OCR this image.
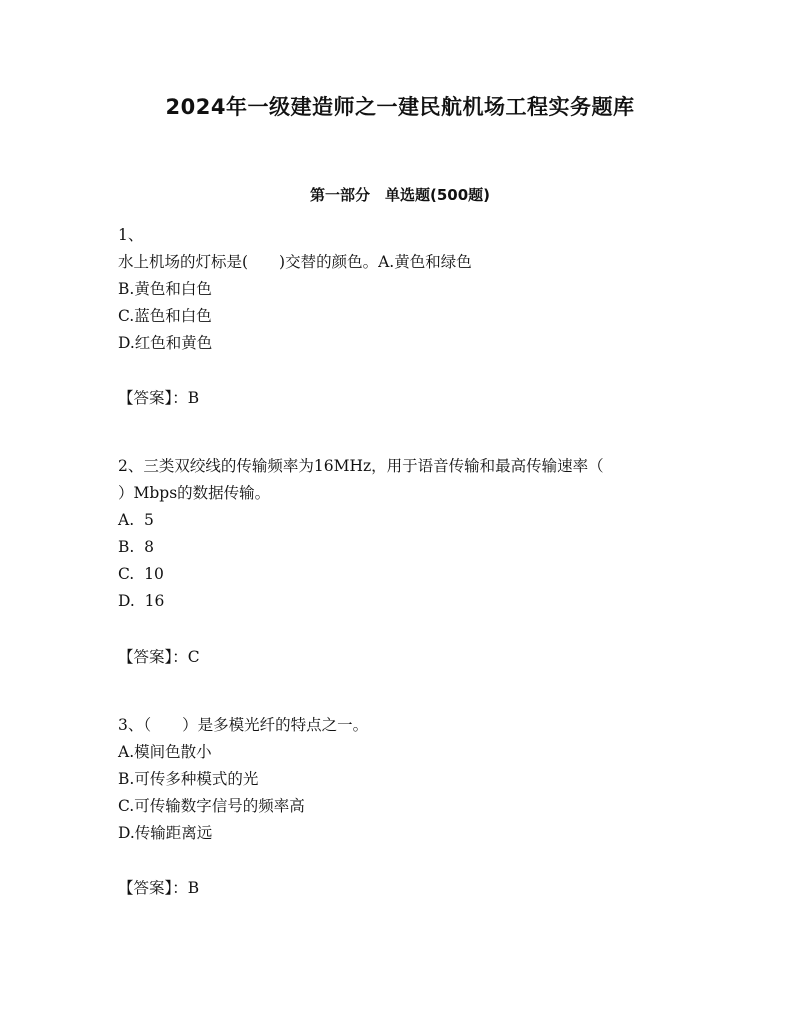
2024年一级建造师之一建民航机场工程实务题库
第一部分　单选题(500题)
1、
水上机场的灯标是(　　)交替的颜色。A.黄色和绿色
B.黄色和白色
C.蓝色和白色
D.红色和黄色
【答案】：B
2、三类双绞线的传输频率为16MHz，用于语音传输和最高传输速率（
）Mbps的数据传输。
A.  5
B.  8
C.  10
D.  16
【答案】：C
3、（　　）是多模光纤的特点之一。
A.模间色散小
B.可传多种模式的光
C.可传输数字信号的频率高
D.传输距离远
【答案】：B
